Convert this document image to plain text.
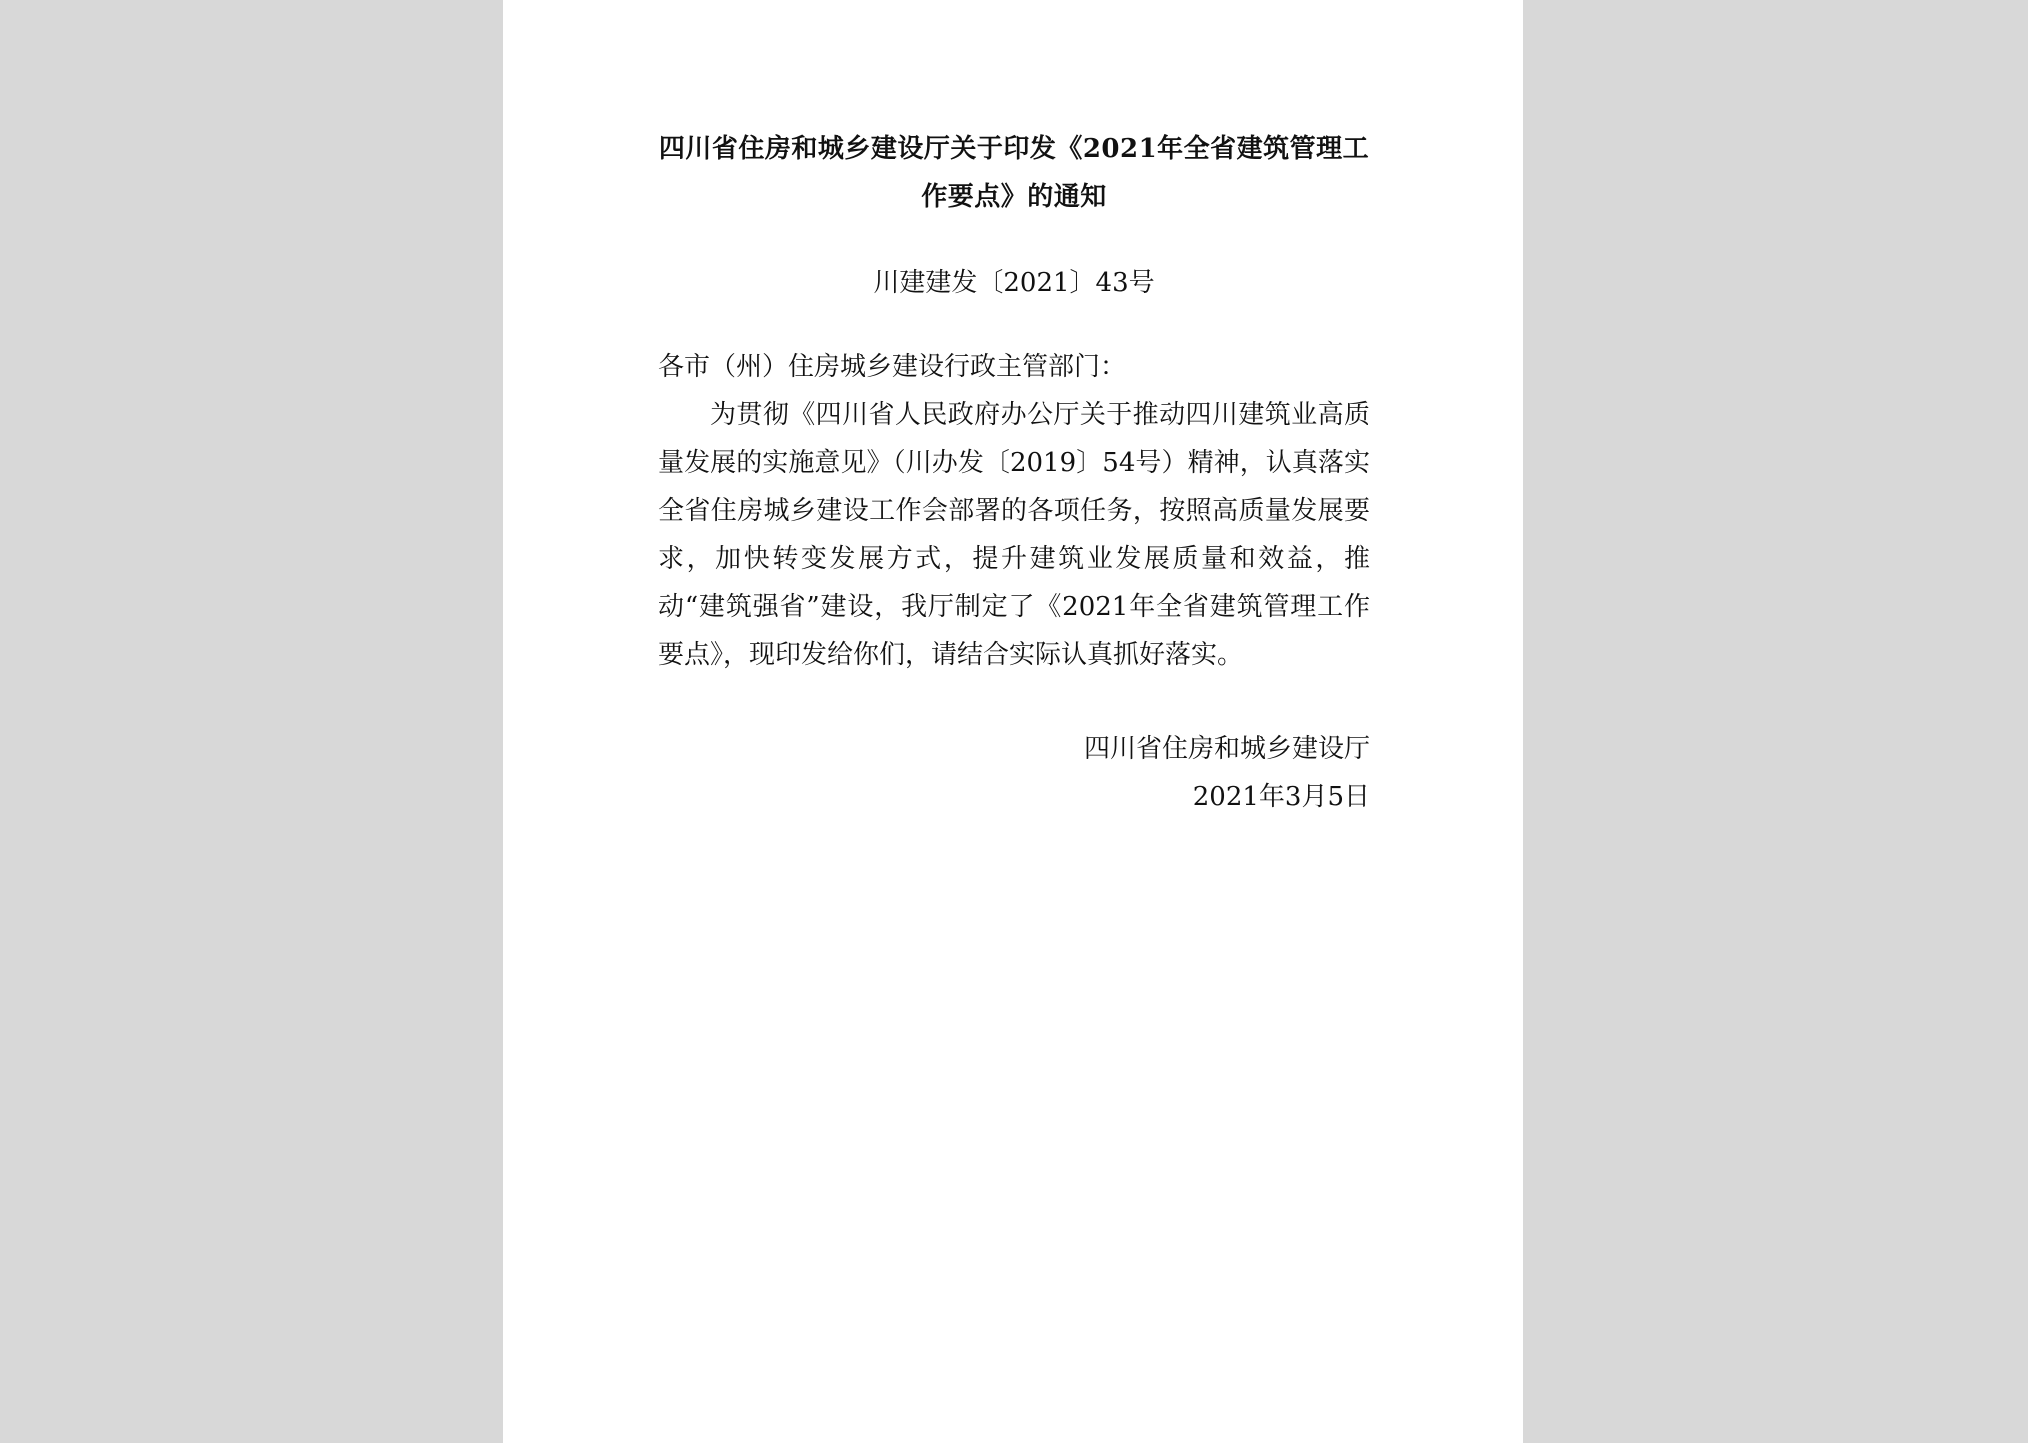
四川省住房和城乡建设厅关于印发《2021年全省建筑管理工作要点》的通知
川建建发〔2021〕43号
各市（州）住房城乡建设行政主管部门：

为贯彻《四川省人民政府办公厅关于推动四川建筑业高质量发展的实施意见》（川办发〔2019〕54号）精神，认真落实全省住房城乡建设工作会部署的各项任务，按照高质量发展要求，加快转变发展方式，提升建筑业发展质量和效益，推动“建筑强省”建设，我厅制定了《2021年全省建筑管理工作要点》，现印发给你们，请结合实际认真抓好落实。

四川省住房和城乡建设厅
2021年3月5日
